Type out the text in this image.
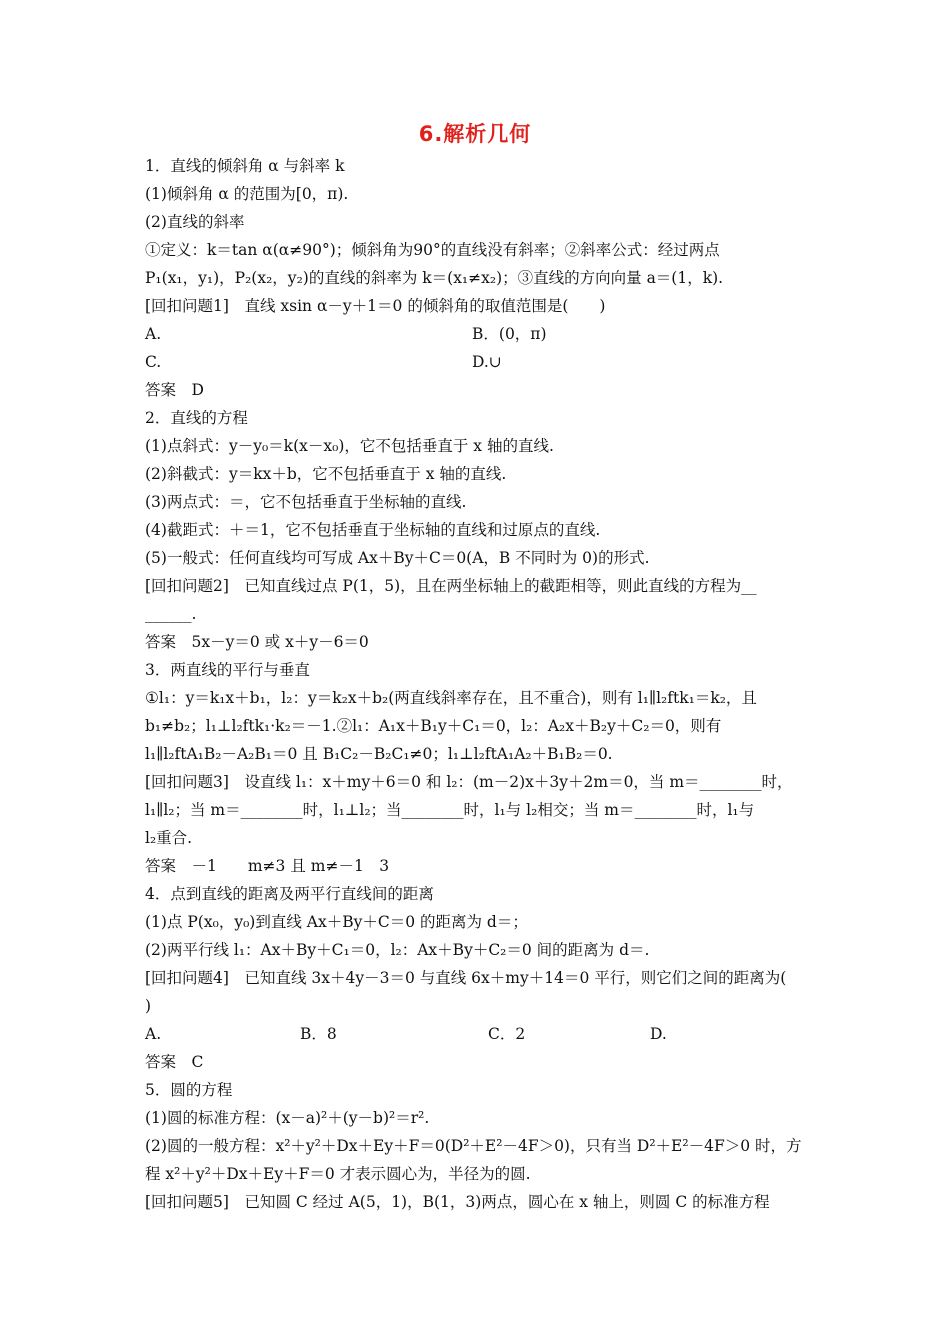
6.解析几何
1．直线的倾斜角 α 与斜率 k
(1)倾斜角 α 的范围为[0，π).
(2)直线的斜率
①定义：k＝tan α(α≠90°)；倾斜角为90°的直线没有斜率；②斜率公式：经过两点
P₁(x₁，y₁)，P₂(x₂，y₂)的直线的斜率为 k＝(x₁≠x₂)；③直线的方向向量 a＝(1，k).
[回扣问题1]　直线 xsin α－y＋1＝0 的倾斜角的取值范围是(　　)
A.	B．(0，π)
C.	D.∪
答案　D
2．直线的方程
(1)点斜式：y－y₀＝k(x－x₀)，它不包括垂直于 x 轴的直线.
(2)斜截式：y＝kx＋b，它不包括垂直于 x 轴的直线.
(3)两点式：＝，它不包括垂直于坐标轴的直线.
(4)截距式：＋＝1，它不包括垂直于坐标轴的直线和过原点的直线.
(5)一般式：任何直线均可写成 Ax＋By＋C＝0(A，B 不同时为 0)的形式.
[回扣问题2]　已知直线过点 P(1，5)，且在两坐标轴上的截距相等，则此直线的方程为__
______.
答案　5x－y＝0 或 x＋y－6＝0
3．两直线的平行与垂直
①l₁：y＝k₁x＋b₁，l₂：y＝k₂x＋b₂(两直线斜率存在，且不重合)，则有 l₁∥l₂ftk₁＝k₂，且
b₁≠b₂；l₁⊥l₂ftk₁·k₂＝－1.②l₁：A₁x＋B₁y＋C₁＝0，l₂：A₂x＋B₂y＋C₂＝0，则有
l₁∥l₂ftA₁B₂－A₂B₁＝0 且 B₁C₂－B₂C₁≠0；l₁⊥l₂ftA₁A₂＋B₁B₂＝0.
[回扣问题3]　设直线 l₁：x＋my＋6＝0 和 l₂：(m－2)x＋3y＋2m＝0，当 m＝________时，
l₁∥l₂；当 m＝________时，l₁⊥l₂；当________时，l₁与 l₂相交；当 m＝________时，l₁与
l₂重合.
答案　－1　　m≠3 且 m≠－1　3
4．点到直线的距离及两平行直线间的距离
(1)点 P(x₀，y₀)到直线 Ax＋By＋C＝0 的距离为 d＝；
(2)两平行线 l₁：Ax＋By＋C₁＝0，l₂：Ax＋By＋C₂＝0 间的距离为 d＝.
[回扣问题4]　已知直线 3x＋4y－3＝0 与直线 6x＋my＋14＝0 平行，则它们之间的距离为(
)
A.	B．8	C．2	D.
答案　C
5．圆的方程
(1)圆的标准方程：(x－a)²＋(y－b)²＝r².
(2)圆的一般方程：x²＋y²＋Dx＋Ey＋F＝0(D²＋E²－4F＞0)，只有当 D²＋E²－4F＞0 时，方
程 x²＋y²＋Dx＋Ey＋F＝0 才表示圆心为，半径为的圆.
[回扣问题5]　已知圆 C 经过 A(5，1)，B(1，3)两点，圆心在 x 轴上，则圆 C 的标准方程
